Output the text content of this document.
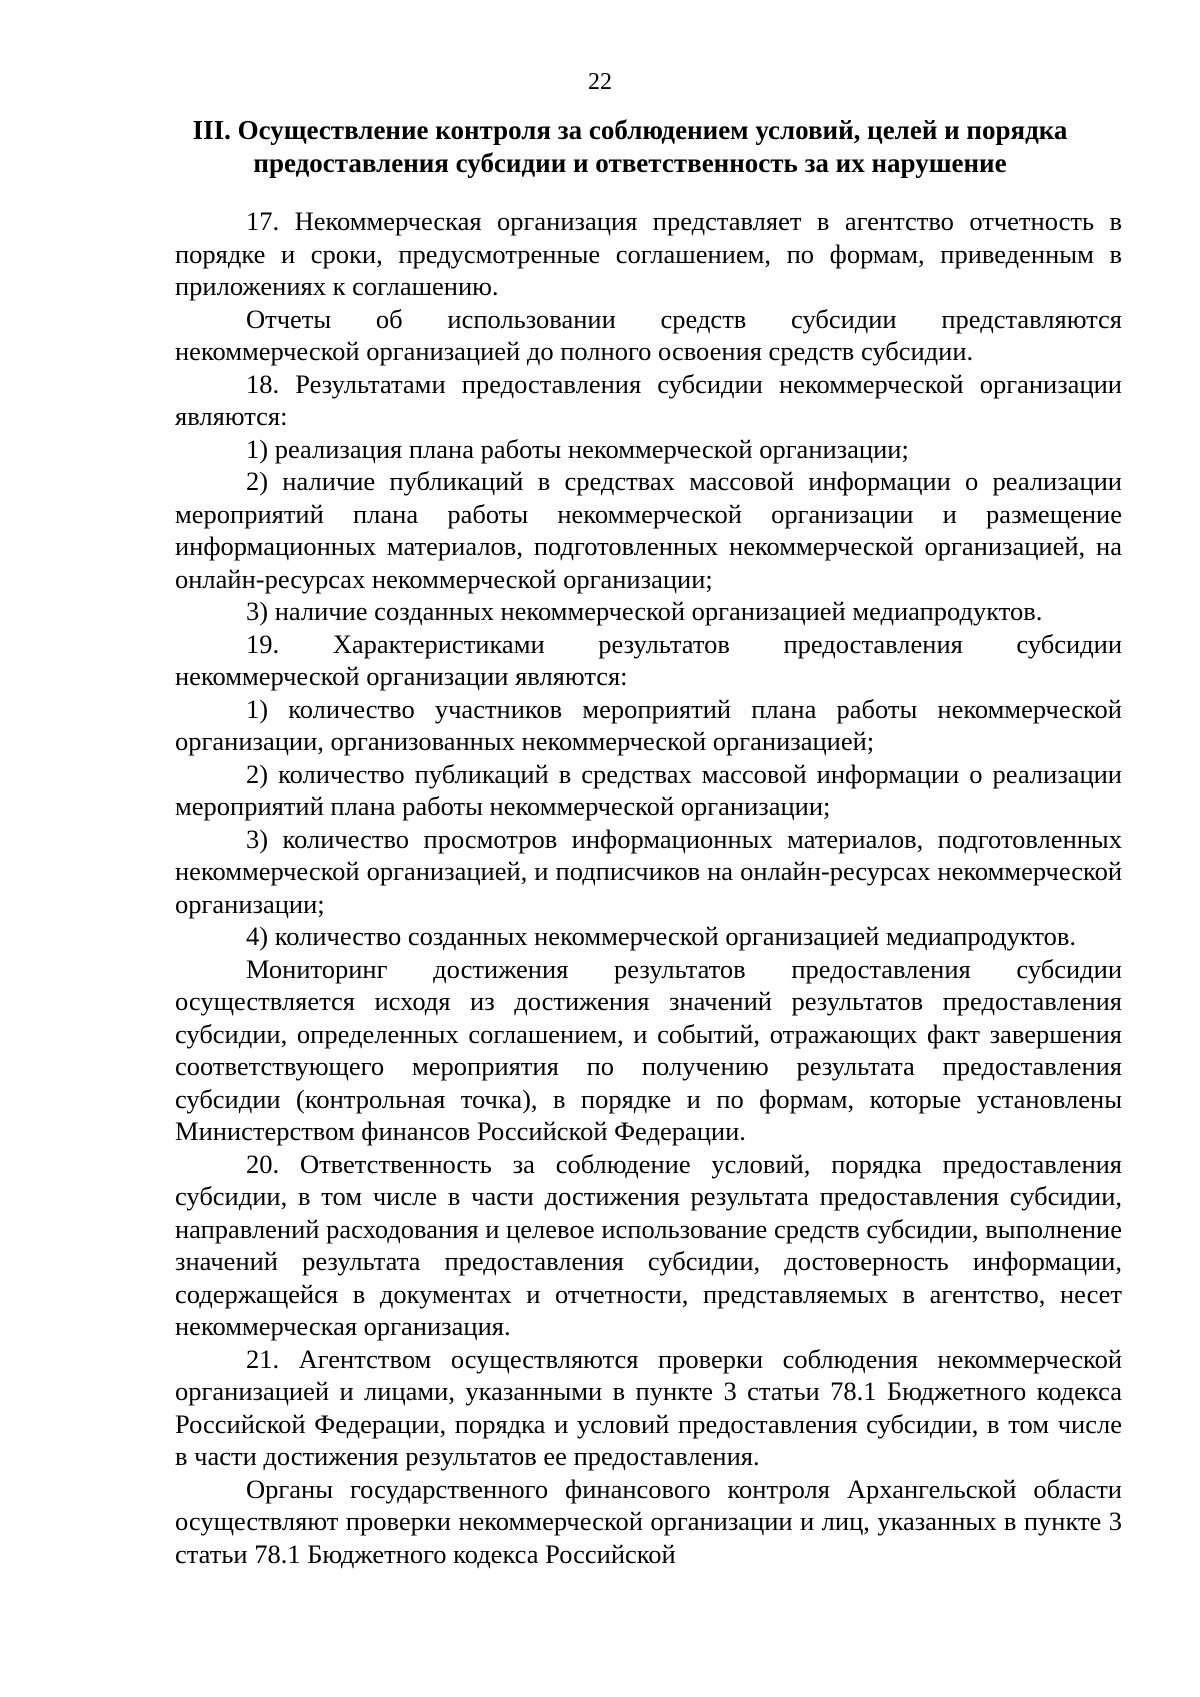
22
III. Осуществление контроля за соблюдением условий, целей и порядка
предоставления субсидии и ответственность за их нарушение

17. Некоммерческая организация представляет в агентство отчетность в порядке и сроки, предусмотренные соглашением, по формам, приведенным в приложениях к соглашению.

Отчеты об использовании средств субсидии представляются некоммерческой организацией до полного освоения средств субсидии.

18. Результатами предоставления субсидии некоммерческой организации являются:

1) реализация плана работы некоммерческой организации;

2) наличие публикаций в средствах массовой информации о реализации мероприятий плана работы некоммерческой организации и размещение информационных материалов, подготовленных некоммерческой организацией, на онлайн-ресурсах некоммерческой организации;

3) наличие созданных некоммерческой организацией медиапродуктов.

19. Характеристиками результатов предоставления субсидии некоммерческой организации являются:

1) количество участников мероприятий плана работы некоммерческой организации, организованных некоммерческой организацией;

2) количество публикаций в средствах массовой информации о реализации мероприятий плана работы некоммерческой организации;

3) количество просмотров информационных материалов, подготовленных некоммерческой организацией, и подписчиков на онлайн-ресурсах некоммерческой организации;

4) количество созданных некоммерческой организацией медиапродуктов.

Мониторинг достижения результатов предоставления субсидии осуществляется исходя из достижения значений результатов предоставления субсидии, определенных соглашением, и событий, отражающих факт завершения соответствующего мероприятия по получению результата предоставления субсидии (контрольная точка), в порядке и по формам, которые установлены Министерством финансов Российской Федерации.

20. Ответственность за соблюдение условий, порядка предоставления субсидии, в том числе в части достижения результата предоставления субсидии, направлений расходования и целевое использование средств субсидии, выполнение значений результата предоставления субсидии, достоверность информации, содержащейся в документах и отчетности, представляемых в агентство, несет некоммерческая организация.

21. Агентством осуществляются проверки соблюдения некоммерческой организацией и лицами, указанными в пункте 3 статьи 78.1 Бюджетного кодекса Российской Федерации, порядка и условий предоставления субсидии, в том числе в части достижения результатов ее предоставления.

Органы государственного финансового контроля Архангельской области осуществляют проверки некоммерческой организации и лиц, указанных в пункте 3 статьи 78.1 Бюджетного кодекса Российской
